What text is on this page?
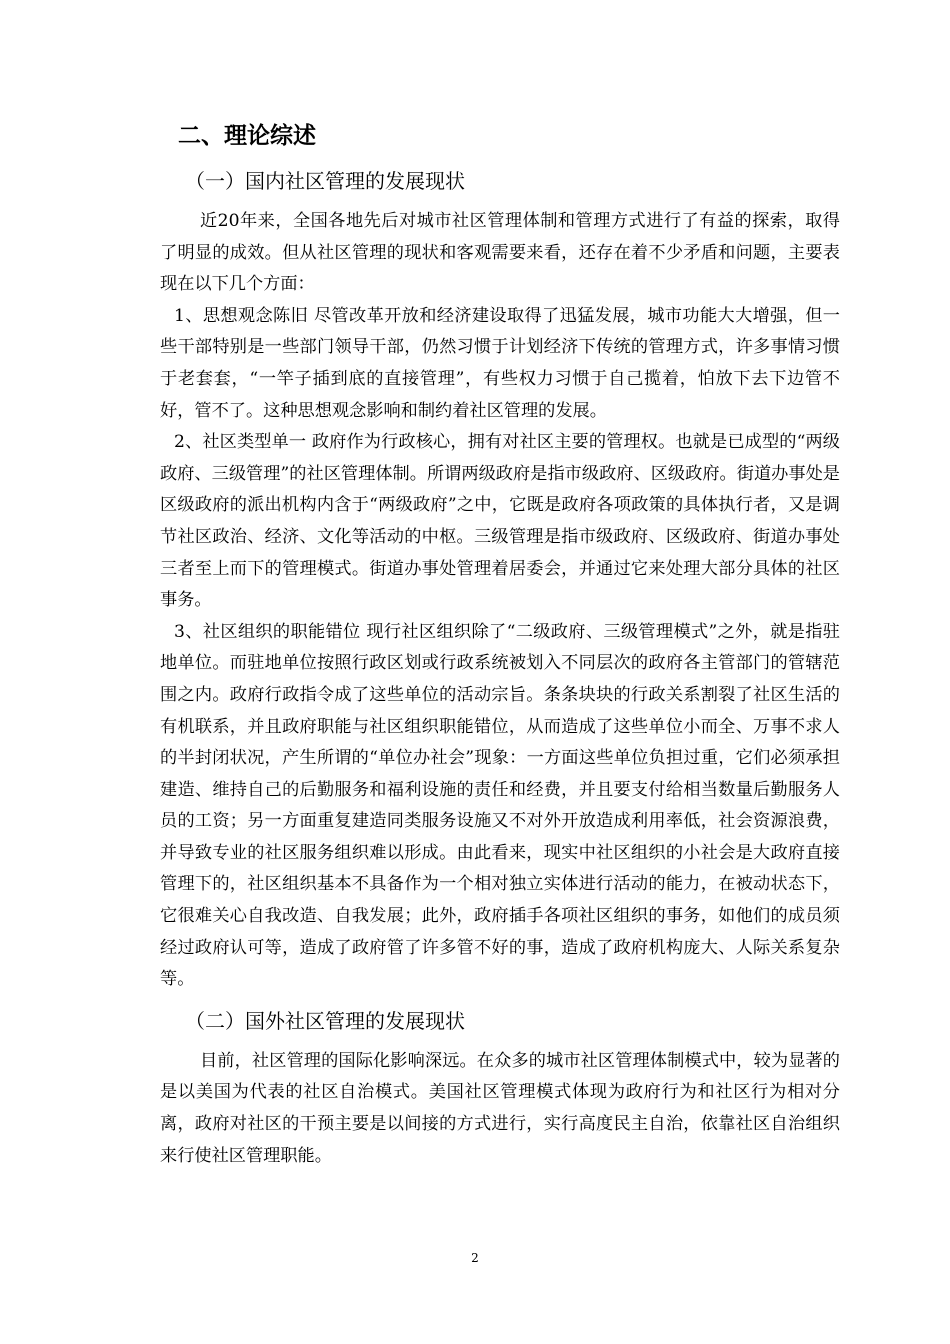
二、理论综述
（一）国内社区管理的发展现状

近20年来，全国各地先后对城市社区管理体制和管理方式进行了有益的探索，取得了明显的成效。但从社区管理的现状和客观需要来看，还存在着不少矛盾和问题，主要表现在以下几个方面：

1、思想观念陈旧 尽管改革开放和经济建设取得了迅猛发展，城市功能大大增强，但一些干部特别是一些部门领导干部，仍然习惯于计划经济下传统的管理方式，许多事情习惯于老套套，“一竿子插到底的直接管理”，有些权力习惯于自己揽着，怕放下去下边管不好，管不了。这种思想观念影响和制约着社区管理的发展。

2、社区类型单一 政府作为行政核心，拥有对社区主要的管理权。也就是已成型的“两级政府、三级管理”的社区管理体制。所谓两级政府是指市级政府、区级政府。街道办事处是区级政府的派出机构内含于“两级政府”之中，它既是政府各项政策的具体执行者，又是调节社区政治、经济、文化等活动的中枢。三级管理是指市级政府、区级政府、街道办事处三者至上而下的管理模式。街道办事处管理着居委会，并通过它来处理大部分具体的社区事务。

3、社区组织的职能错位 现行社区组织除了“二级政府、三级管理模式”之外，就是指驻地单位。而驻地单位按照行政区划或行政系统被划入不同层次的政府各主管部门的管辖范围之内。政府行政指令成了这些单位的活动宗旨。条条块块的行政关系割裂了社区生活的有机联系，并且政府职能与社区组织职能错位，从而造成了这些单位小而全、万事不求人的半封闭状况，产生所谓的“单位办社会”现象：一方面这些单位负担过重，它们必须承担建造、维持自己的后勤服务和福利设施的责任和经费，并且要支付给相当数量后勤服务人员的工资；另一方面重复建造同类服务设施又不对外开放造成利用率低，社会资源浪费，并导致专业的社区服务组织难以形成。由此看来，现实中社区组织的小社会是大政府直接管理下的，社区组织基本不具备作为一个相对独立实体进行活动的能力，在被动状态下，它很难关心自我改造、自我发展；此外，政府插手各项社区组织的事务，如他们的成员须经过政府认可等，造成了政府管了许多管不好的事，造成了政府机构庞大、人际关系复杂等。

（二）国外社区管理的发展现状

目前，社区管理的国际化影响深远。在众多的城市社区管理体制模式中，较为显著的是以美国为代表的社区自治模式。美国社区管理模式体现为政府行为和社区行为相对分离，政府对社区的干预主要是以间接的方式进行，实行高度民主自治，依靠社区自治组织来行使社区管理职能。

2
